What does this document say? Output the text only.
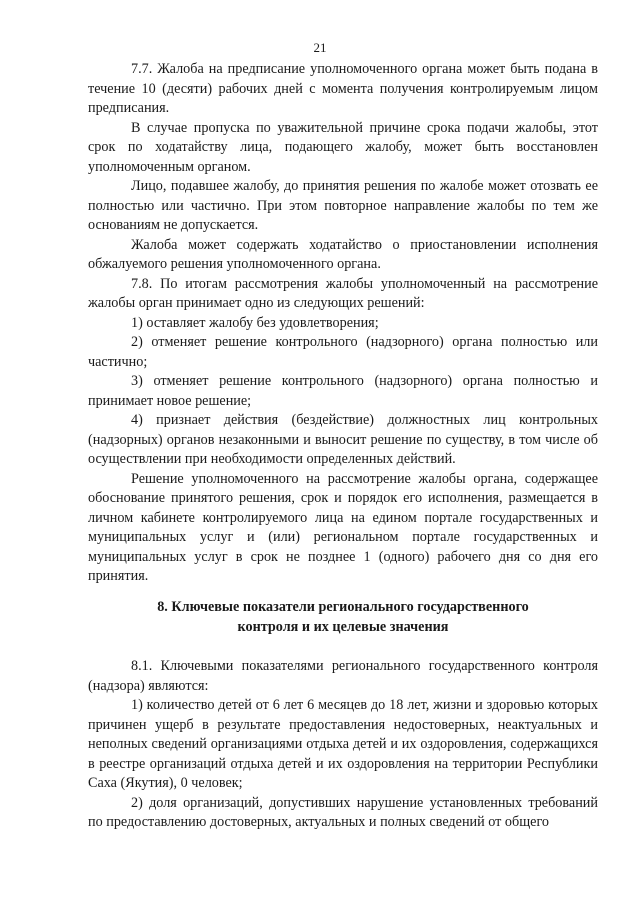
21

7.7. Жалоба на предписание уполномоченного органа может быть подана в течение 10 (десяти) рабочих дней с момента получения контролируемым лицом предписания.

В случае пропуска по уважительной причине срока подачи жалобы, этот срок по ходатайству лица, подающего жалобу, может быть восстановлен уполномоченным органом.

Лицо, подавшее жалобу, до принятия решения по жалобе может отозвать ее полностью или частично. При этом повторное направление жалобы по тем же основаниям не допускается.

Жалоба может содержать ходатайство о приостановлении исполнения обжалуемого решения уполномоченного органа.

7.8. По итогам рассмотрения жалобы уполномоченный на рассмотрение жалобы орган принимает одно из следующих решений:

1) оставляет жалобу без удовлетворения;

2) отменяет решение контрольного (надзорного) органа полностью или частично;

3) отменяет решение контрольного (надзорного) органа полностью и принимает новое решение;

4) признает действия (бездействие) должностных лиц контрольных (надзорных) органов незаконными и выносит решение по существу, в том числе об осуществлении при необходимости определенных действий.

Решение уполномоченного на рассмотрение жалобы органа, содержащее обоснование принятого решения, срок и порядок его исполнения, размещается в личном кабинете контролируемого лица на едином портале государственных и муниципальных услуг и (или) региональном портале государственных и муниципальных услуг в срок не позднее 1 (одного) рабочего дня со дня его принятия.

8. Ключевые показатели регионального государственного
контроля и их целевые значения

8.1. Ключевыми показателями регионального государственного контроля (надзора) являются:

1) количество детей от 6 лет 6 месяцев до 18 лет, жизни и здоровью которых причинен ущерб в результате предоставления недостоверных, неактуальных и неполных сведений организациями отдыха детей и их оздоровления, содержащихся в реестре организаций отдыха детей и их оздоровления на территории Республики Саха (Якутия), 0 человек;

2) доля организаций, допустивших нарушение установленных требований по предоставлению достоверных, актуальных и полных сведений от общего
